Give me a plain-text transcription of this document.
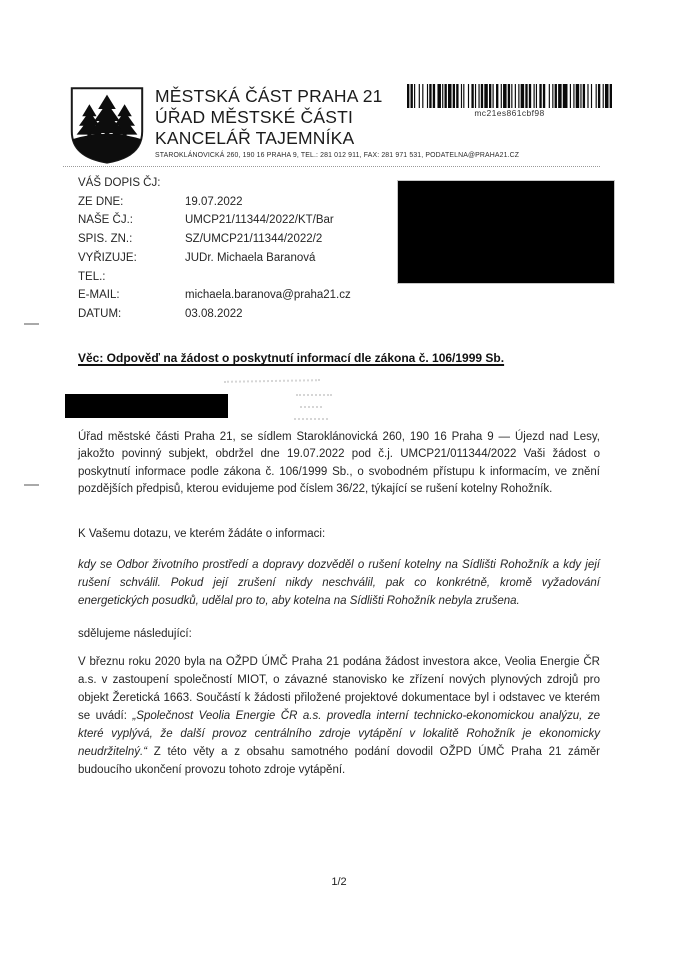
MĚSTSKÁ ČÁST PRAHA 21
ÚŘAD MĚSTSKÉ ČÁSTI
KANCELÁŘ TAJEMNÍKA
STAROKLÁNOVICKÁ 260, 190 16 PRAHA 9, TEL.: 281 012 911, FAX: 281 971 531, PODATELNA@PRAHA21.CZ
mc21es861cbf98
VÁŠ DOPIS ČJ:
ZE DNE:	19.07.2022
NAŠE ČJ.:	UMCP21/11344/2022/KT/Bar
SPIS. ZN.:	SZ/UMCP21/11344/2022/2
VYŘIZUJE:	JUDr. Michaela Baranová
TEL.:
E-MAIL:	michaela.baranova@praha21.cz
DATUM:	03.08.2022
Věc: Odpověď na žádost o poskytnutí informací dle zákona č. 106/1999 Sb.

Úřad městské části Praha 21, se sídlem Staroklánovická 260, 190 16 Praha 9 — Újezd nad Lesy, jakožto povinný subjekt, obdržel dne 19.07.2022 pod č.j. UMCP21/011344/2022 Vaši žádost o poskytnutí informace podle zákona č. 106/1999 Sb., o svobodném přístupu k informacím, ve znění pozdějších předpisů, kterou evidujeme pod číslem 36/22, týkající se rušení kotelny Rohožník.

K Vašemu dotazu, ve kterém žádáte o informaci:

kdy se Odbor životního prostředí a dopravy dozvěděl o rušení kotelny na Sídlišti Rohožník a kdy její rušení schválil. Pokud její zrušení nikdy neschválil, pak co konkrétně, kromě vyžadování energetických posudků, udělal pro to, aby kotelna na Sídlišti Rohožník nebyla zrušena.

sdělujeme následující:

V březnu roku 2020 byla na OŽPD ÚMČ Praha 21 podána žádost investora akce, Veolia Energie ČR a.s. v zastoupení společností MIOT, o závazné stanovisko ke zřízení nových plynových zdrojů pro objekt Žeretická 1663. Součástí k žádosti přiložené projektové dokumentace byl i odstavec ve kterém se uvádí: „Společnost Veolia Energie ČR a.s. provedla interní technicko-ekonomickou analýzu, ze které vyplývá, že další provoz centrálního zdroje vytápění v lokalitě Rohožník je ekonomicky neudržitelný.“ Z této věty a z obsahu samotného podání dovodil OŽPD ÚMČ Praha 21 záměr budoucího ukončení provozu tohoto zdroje vytápění.

1/2
